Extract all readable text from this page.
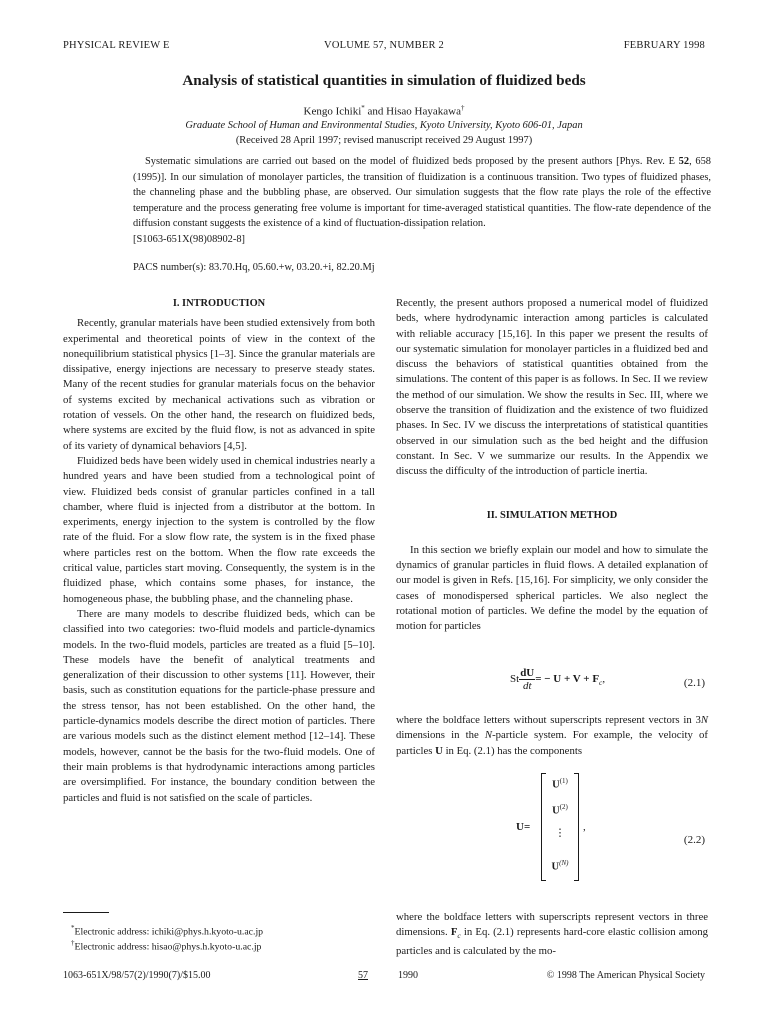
PHYSICAL REVIEW E	VOLUME 57, NUMBER 2	FEBRUARY 1998
Analysis of statistical quantities in simulation of fluidized beds
Kengo Ichiki* and Hisao Hayakawa†
Graduate School of Human and Environmental Studies, Kyoto University, Kyoto 606-01, Japan
(Received 28 April 1997; revised manuscript received 29 August 1997)

Systematic simulations are carried out based on the model of fluidized beds proposed by the present authors [Phys. Rev. E 52, 658 (1995)]. In our simulation of monolayer particles, the transition of fluidization is a continuous transition. Two types of fluidized phases, the channeling phase and the bubbling phase, are observed. Our simulation suggests that the flow rate plays the role of the effective temperature and the process generating free volume is important for time-averaged statistical quantities. The flow-rate dependence of the diffusion constant suggests the existence of a kind of fluctuation-dissipation relation.

[S1063-651X(98)08902-8]

PACS number(s): 83.70.Hq, 05.60.+w, 03.20.+i, 82.20.Mj
I. INTRODUCTION

Recently, granular materials have been studied extensively from both experimental and theoretical points of view in the context of the nonequilibrium statistical physics [1–3]. Since the granular materials are dissipative, energy injections are necessary to preserve steady states. Many of the recent studies for granular materials focus on the behavior of systems excited by mechanical activations such as vibration or rotation of vessels. On the other hand, the research on fluidized beds, where systems are excited by the fluid flow, is not as advanced in spite of its variety of dynamical behaviors [4,5].

Fluidized beds have been widely used in chemical industries nearly a hundred years and have been studied from a technological point of view. Fluidized beds consist of granular particles confined in a tall chamber, where fluid is injected from a distributor at the bottom. In experiments, energy injection to the system is controlled by the flow rate of the fluid. For a slow flow rate, the system is in the fixed phase where particles rest on the bottom. When the flow rate exceeds the critical value, particles start moving. Consequently, the system is in the fluidized phase, which contains some phases, for instance, the homogeneous phase, the bubbling phase, and the channeling phase.

There are many models to describe fluidized beds, which can be classified into two categories: two-fluid models and particle-dynamics models. In the two-fluid models, particles are treated as a fluid [5–10]. These models have the benefit of analytical treatments and generalization of their discussion to other systems [11]. However, their basis, such as constitution equations for the particle-phase pressure and the stress tensor, has not been established. On the other hand, the particle-dynamics models describe the direct motion of particles. There are various models such as the distinct element method [12–14]. These models, however, cannot be the basis for the two-fluid models. One of their main problems is that hydrodynamic interactions among particles are oversimplified. For instance, the boundary condition between the particles and fluid is not satisfied on the scale of particles.

*Electronic address: ichiki@phys.h.kyoto-u.ac.jp
†Electronic address: hisao@phys.h.kyoto-u.ac.jp

Recently, the present authors proposed a numerical model of fluidized beds, where hydrodynamic interaction among particles is calculated with reliable accuracy [15,16]. In this paper we present the results of our systematic simulation for monolayer particles in a fluidized bed and discuss the behaviors of statistical quantities obtained from the simulations. The content of this paper is as follows. In Sec. II we review the method of our simulation. We show the results in Sec. III, where we observe the transition of fluidization and the existence of two fluidized phases. In Sec. IV we discuss the interpretations of statistical quantities observed in our simulation such as the bed height and the diffusion constant. In Sec. V we summarize our results. In the Appendix we discuss the difficulty of the introduction of particle inertia.

II. SIMULATION METHOD

In this section we briefly explain our model and how to simulate the dynamics of granular particles in fluid flows. A detailed explanation of our model is given in Refs. [15,16]. For simplicity, we only consider the cases of monodispersed spherical particles. We also neglect the rotational motion of particles. We define the model by the equation of motion for particles

St $\frac{dU}{dt}$ = − $U + V + F_c$,	(2.1)

where the boldface letters without superscripts represent vectors in 3N dimensions in the N-particle system. For example, the velocity of particles U in Eq. (2.1) has the components

U=
$U^{(1)}$
$U^{(2)}$
⋮
$U^{(N)}$
,
(2.2)

where the boldface letters with superscripts represent vectors in three dimensions. $F_c$ in Eq. (2.1) represents hard-core elastic collision among particles and is calculated by the mo-

1063-651X/98/57(2)/1990(7)/$15.00	57	1990	© 1998 The American Physical Society
